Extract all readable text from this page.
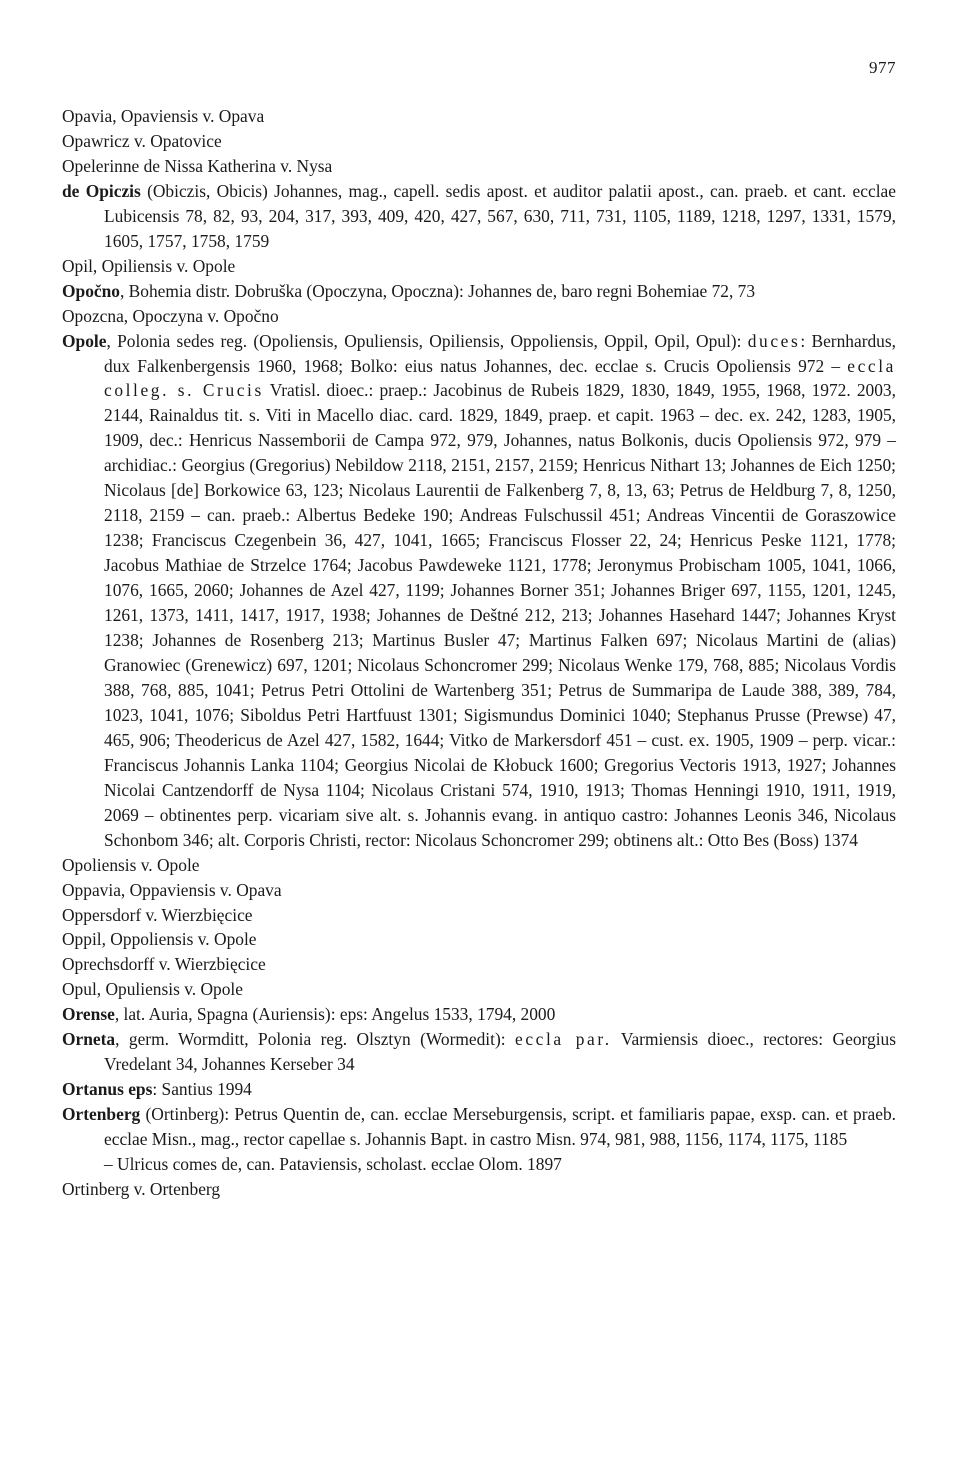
977
Opavia, Opaviensis v. Opava
Opawricz v. Opatovice
Opelerinne de Nissa Katherina v. Nysa
de Opiczis (Obiczis, Obicis) Johannes, mag., capell. sedis apost. et auditor palatii apost., can. praeb. et cant. ecclae Lubicensis 78, 82, 93, 204, 317, 393, 409, 420, 427, 567, 630, 711, 731, 1105, 1189, 1218, 1297, 1331, 1579, 1605, 1757, 1758, 1759
Opil, Opiliensis v. Opole
Opočno, Bohemia distr. Dobruška (Opoczyna, Opoczna): Johannes de, baro regni Bohemiae 72, 73
Opozcna, Opoczyna v. Opočno
Opole, Polonia sedes reg. (Opoliensis, Opuliensis, Opiliensis, Oppoliensis, Oppil, Opil, Opul): duces: Bernhardus, dux Falkenbergensis 1960, 1968; Bolko: eius natus Johannes, dec. ecclae s. Crucis Opoliensis 972 – eccla colleg. s. Crucis Vratisl. dioec.: praep.: Jacobinus de Rubeis 1829, 1830, 1849, 1955, 1968, 1972. 2003, 2144, Rainaldus tit. s. Viti in Macello diac. card. 1829, 1849, praep. et capit. 1963 – dec. ex. 242, 1283, 1905, 1909, dec.: Henricus Nassemborii de Campa 972, 979, Johannes, natus Bolkonis, ducis Opoliensis 972, 979 – archidiac.: Georgius (Gregorius) Nebildow 2118, 2151, 2157, 2159; Henricus Nithart 13; Johannes de Eich 1250; Nicolaus [de] Borkowice 63, 123; Nicolaus Laurentii de Falkenberg 7, 8, 13, 63; Petrus de Heldburg 7, 8, 1250, 2118, 2159 – can. praeb.: Albertus Bedeke 190; Andreas Fulschussil 451; Andreas Vincentii de Goraszowice 1238; Franciscus Czegenbein 36, 427, 1041, 1665; Franciscus Flosser 22, 24; Henricus Peske 1121, 1778; Jacobus Mathiae de Strzelce 1764; Jacobus Pawdeweke 1121, 1778; Jeronymus Probischam 1005, 1041, 1066, 1076, 1665, 2060; Johannes de Azel 427, 1199; Johannes Borner 351; Johannes Briger 697, 1155, 1201, 1245, 1261, 1373, 1411, 1417, 1917, 1938; Johannes de Deštné 212, 213; Johannes Hasehard 1447; Johannes Kryst 1238; Johannes de Rosenberg 213; Martinus Busler 47; Martinus Falken 697; Nicolaus Martini de (alias) Granowiec (Grenewicz) 697, 1201; Nicolaus Schoncromer 299; Nicolaus Wenke 179, 768, 885; Nicolaus Vordis 388, 768, 885, 1041; Petrus Petri Ottolini de Wartenberg 351; Petrus de Summaripa de Laude 388, 389, 784, 1023, 1041, 1076; Siboldus Petri Hartfuust 1301; Sigismundus Dominici 1040; Stephanus Prusse (Prewse) 47, 465, 906; Theodericus de Azel 427, 1582, 1644; Vitko de Markersdorf 451 – cust. ex. 1905, 1909 – perp. vicar.: Franciscus Johannis Lanka 1104; Georgius Nicolai de Kłobuck 1600; Gregorius Vectoris 1913, 1927; Johannes Nicolai Cantzendorff de Nysa 1104; Nicolaus Cristani 574, 1910, 1913; Thomas Henningi 1910, 1911, 1919, 2069 – obtinentes perp. vicariam sive alt. s. Johannis evang. in antiquo castro: Johannes Leonis 346, Nicolaus Schonbom 346; alt. Corporis Christi, rector: Nicolaus Schoncromer 299; obtinens alt.: Otto Bes (Boss) 1374
Opoliensis v. Opole
Oppavia, Oppaviensis v. Opava
Oppersdorf v. Wierzbięcice
Oppil, Oppoliensis v. Opole
Oprechsdorff v. Wierzbięcice
Opul, Opuliensis v. Opole
Orense, lat. Auria, Spagna (Auriensis): eps: Angelus 1533, 1794, 2000
Orneta, germ. Wormditt, Polonia reg. Olsztyn (Wormedit): eccla par. Varmiensis dioec., rectores: Georgius Vredelant 34, Johannes Kerseber 34
Ortanus eps: Santius 1994
Ortenberg (Ortinberg): Petrus Quentin de, can. ecclae Merseburgensis, script. et familiaris papae, exsp. can. et praeb. ecclae Misn., mag., rector capellae s. Johannis Bapt. in castro Misn. 974, 981, 988, 1156, 1174, 1175, 1185
– Ulricus comes de, can. Pataviensis, scholast. ecclae Olom. 1897
Ortinberg v. Ortenberg
